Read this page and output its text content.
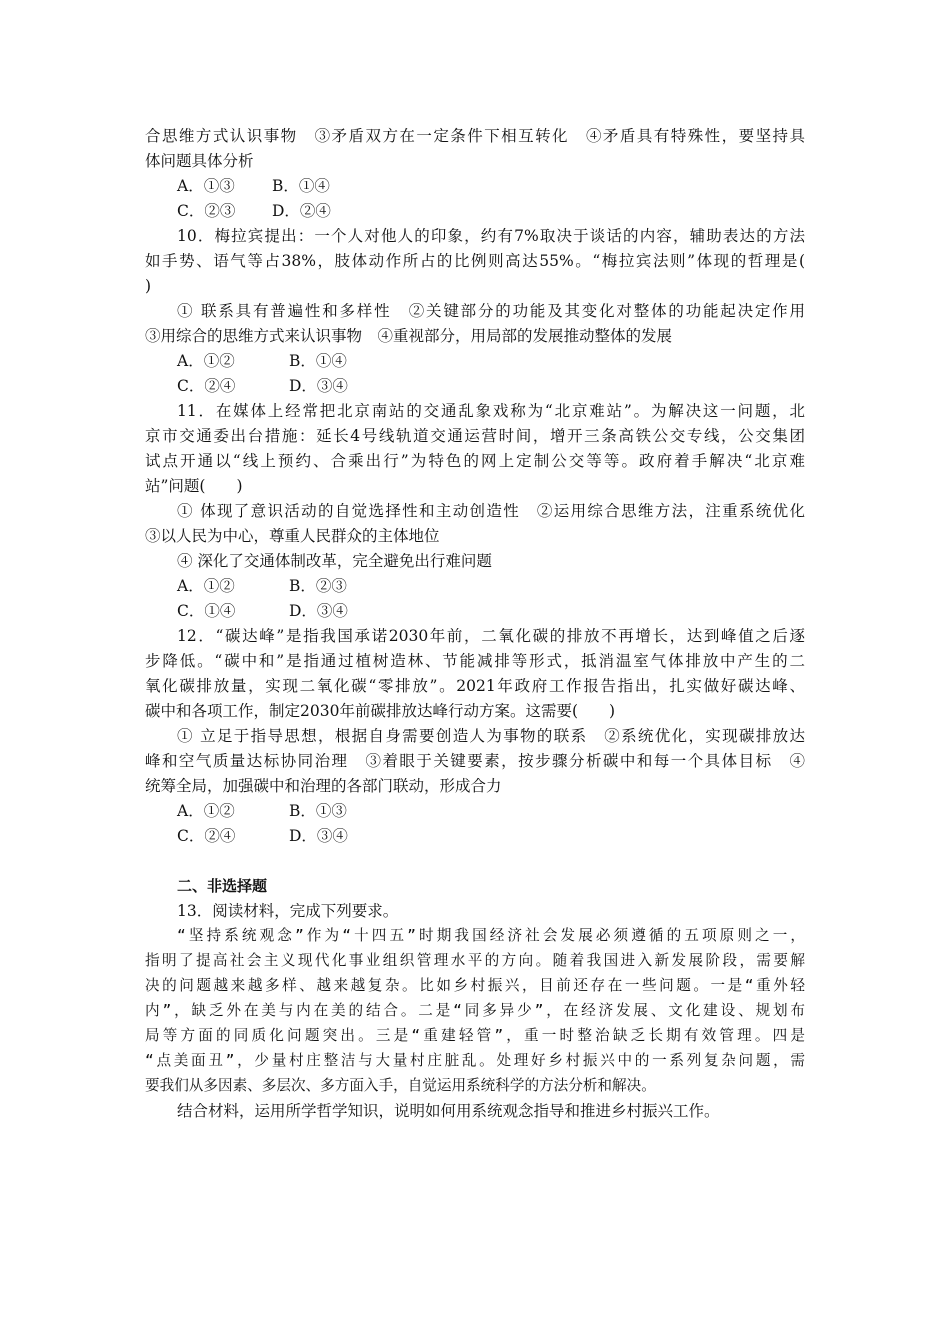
合思维方式认识事物　③矛盾双方在一定条件下相互转化　④矛盾具有特殊性，要坚持具
体问题具体分析
A．①③ B．①④
C．②③ D．②④
10．梅拉宾提出：一个人对他人的印象，约有7%取决于谈话的内容，辅助表达的方法
如手势、语气等占38%，肢体动作所占的比例则高达55%。“梅拉宾法则”体现的哲理是(
)
① 联系具有普遍性和多样性　②关键部分的功能及其变化对整体的功能起决定作用
③用综合的思维方式来认识事物　④重视部分，用局部的发展推动整体的发展
A．①②	B．①④
C．②④	D．③④
11．在媒体上经常把北京南站的交通乱象戏称为“北京难站”。为解决这一问题，北
京市交通委出台措施：延长4号线轨道交通运营时间，增开三条高铁公交专线，公交集团
试点开通以“线上预约、合乘出行”为特色的网上定制公交等等。政府着手解决“北京难
站”问题(　　)
① 体现了意识活动的自觉选择性和主动创造性　②运用综合思维方法，注重系统优化
③以人民为中心，尊重人民群众的主体地位
④ 深化了交通体制改革，完全避免出行难问题
A．①②	B．②③
C．①④	D．③④
12．“碳达峰”是指我国承诺2030年前，二氧化碳的排放不再增长，达到峰值之后逐
步降低。“碳中和”是指通过植树造林、节能减排等形式，抵消温室气体排放中产生的二
氧化碳排放量，实现二氧化碳“零排放”。2021年政府工作报告指出，扎实做好碳达峰、
碳中和各项工作，制定2030年前碳排放达峰行动方案。这需要(　　)
① 立足于指导思想，根据自身需要创造人为事物的联系　②系统优化，实现碳排放达
峰和空气质量达标协同治理　③着眼于关键要素，按步骤分析碳中和每一个具体目标　④
统筹全局，加强碳中和治理的各部门联动，形成合力
A．①②	B．①③
C．②④	D．③④
二、非选择题
13．阅读材料，完成下列要求。
“坚持系统观念”作为“十四五”时期我国经济社会发展必须遵循的五项原则之一，
指明了提高社会主义现代化事业组织管理水平的方向。随着我国进入新发展阶段，需要解
决的问题越来越多样、越来越复杂。比如乡村振兴，目前还存在一些问题。一是“重外轻
内”，缺乏外在美与内在美的结合。二是“同多异少”，在经济发展、文化建设、规划布
局等方面的同质化问题突出。三是“重建轻管”，重一时整治缺乏长期有效管理。四是
“点美面丑”，少量村庄整洁与大量村庄脏乱。处理好乡村振兴中的一系列复杂问题，需
要我们从多因素、多层次、多方面入手，自觉运用系统科学的方法分析和解决。
结合材料，运用所学哲学知识，说明如何用系统观念指导和推进乡村振兴工作。
